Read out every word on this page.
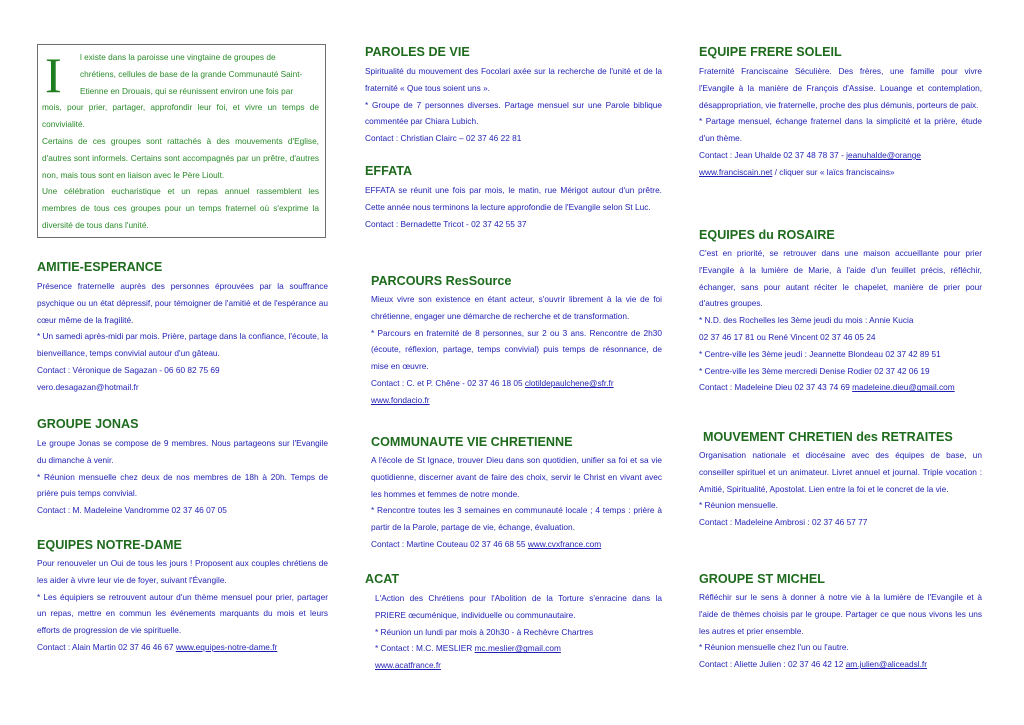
I l existe dans la paroisse une vingtaine de groupes de

chrétiens, cellules de base de la grande Communauté Saint-

Etienne en Drouais, qui se réunissent environ une fois par

mois, pour prier, partager, approfondir leur foi, et vivre un temps de convivialité.

Certains de ces groupes sont rattachés à des mouvements d'Eglise, d'autres sont informels. Certains sont accompagnés par un prêtre, d'autres non, mais tous sont en liaison avec le Père Lioult.

Une célébration eucharistique et un repas annuel rassemblent les membres de tous ces groupes pour un temps fraternel où s'exprime la diversité de tous dans l'unité.

AMITIE-ESPERANCE

Présence fraternelle auprès des personnes éprouvées par la souffrance psychique ou un état dépressif, pour témoigner de l'amitié et de l'espérance au cœur même de la fragilité.

* Un samedi après-midi par mois. Prière, partage dans la confiance, l'écoute, la bienveillance, temps convivial autour d'un gâteau.

Contact : Véronique de Sagazan - 06 60 82 75 69

vero.desagazan@hotmail.fr

GROUPE JONAS

Le groupe Jonas se compose de 9 membres. Nous partageons sur l'Evangile du dimanche à venir.

* Réunion mensuelle chez deux de nos membres de 18h à 20h. Temps de prière puis temps convivial.

Contact : M. Madeleine Vandromme 02 37 46 07 05

EQUIPES NOTRE-DAME

Pour renouveler un Oui de tous les jours ! Proposent aux couples chrétiens de les aider à vivre leur vie de foyer, suivant l'Évangile.

* Les équipiers se retrouvent autour d'un thème mensuel pour prier, partager un repas, mettre en commun les événements marquants du mois et leurs efforts de progression de vie spirituelle.

Contact : Alain Martin 02 37 46 46 67 www.equipes-notre-dame.fr

PAROLES DE VIE

Spiritualité du mouvement des Focolari axée sur la recherche de l'unité et de la fraternité « Que tous soient uns ».

* Groupe de 7 personnes diverses. Partage mensuel sur une Parole biblique commentée par Chiara Lubich.

Contact : Christian Clairc – 02 37 46 22 81

EFFATA

EFFATA se réunit une fois par mois, le matin, rue Mérigot autour d'un prêtre. Cette année nous terminons la lecture approfondie de l'Evangile selon St Luc.

Contact : Bernadette Tricot - 02 37 42 55 37

PARCOURS ResSource

Mieux vivre son existence en étant acteur, s'ouvrir librement à la vie de foi chrétienne, engager une démarche de recherche et de transformation.

* Parcours en fraternité de 8 personnes, sur 2 ou 3 ans. Rencontre de 2h30 (écoute, réflexion, partage, temps convivial) puis temps de résonnance, de mise en œuvre.

Contact : C. et P. Chêne - 02 37 46 18 05 clotildepaulchene@sfr.fr

www.fondacio.fr

COMMUNAUTE VIE CHRETIENNE

A l'école de St Ignace, trouver Dieu dans son quotidien, unifier sa foi et sa vie quotidienne, discerner avant de faire des choix, servir le Christ en vivant avec les hommes et femmes de notre monde.

* Rencontre toutes les 3 semaines en communauté locale ; 4 temps : prière à partir de la Parole, partage de vie, échange, évaluation.

Contact : Martine Couteau 02 37 46 68 55 www.cvxfrance.com

ACAT

L'Action des Chrétiens pour l'Abolition de la Torture s'enracine dans la PRIERE œcuménique, individuelle ou communautaire.

* Réunion un lundi par mois à 20h30 - à Rechèvre Chartres

* Contact : M.C. MESLIER mc.meslier@gmail.com

www.acatfrance.fr

EQUIPE FRERE SOLEIL

Fraternité Franciscaine Séculière. Des frères, une famille pour vivre l'Evangile à la manière de François d'Assise. Louange et contemplation, désappropriation, vie fraternelle, proche des plus démunis, porteurs de paix.

* Partage mensuel, échange fraternel dans la simplicité et la prière, étude d'un thème.

Contact : Jean Uhalde 02 37 48 78 37 - jeanuhalde@orange

www.franciscain.net / cliquer sur « laïcs franciscains»

EQUIPES du ROSAIRE

C'est en priorité, se retrouver dans une maison accueillante pour prier l'Evangile à la lumière de Marie, à l'aide d'un feuillet précis, réfléchir, échanger, sans pour autant réciter le chapelet, manière de prier pour d'autres groupes.

* N.D. des Rochelles les 3ème jeudi du mois : Annie Kucia

02 37 46 17 81 ou René Vincent 02 37 46 05 24

* Centre-ville les 3ème jeudi : Jeannette Blondeau 02 37 42 89 51

* Centre-ville les 3ème mercredi Denise Rodier 02 37 42 06 19

Contact : Madeleine Dieu 02 37 43 74 69 madeleine.dieu@gmail.com

MOUVEMENT CHRETIEN des RETRAITES

Organisation nationale et diocésaine avec des équipes de base, un conseiller spirituel et un animateur. Livret annuel et journal. Triple vocation : Amitié, Spiritualité, Apostolat. Lien entre la foi et le concret de la vie.

* Réunion mensuelle.

Contact : Madeleine Ambrosi : 02 37 46 57 77

GROUPE ST MICHEL

Réfléchir sur le sens à donner à notre vie à la lumière de l'Evangile et à l'aide de thèmes choisis par le groupe. Partager ce que nous vivons les uns les autres et prier ensemble.

* Réunion mensuelle chez l'un ou l'autre.

Contact : Aliette Julien : 02 37 46 42 12 am.julien@aliceadsl.fr
